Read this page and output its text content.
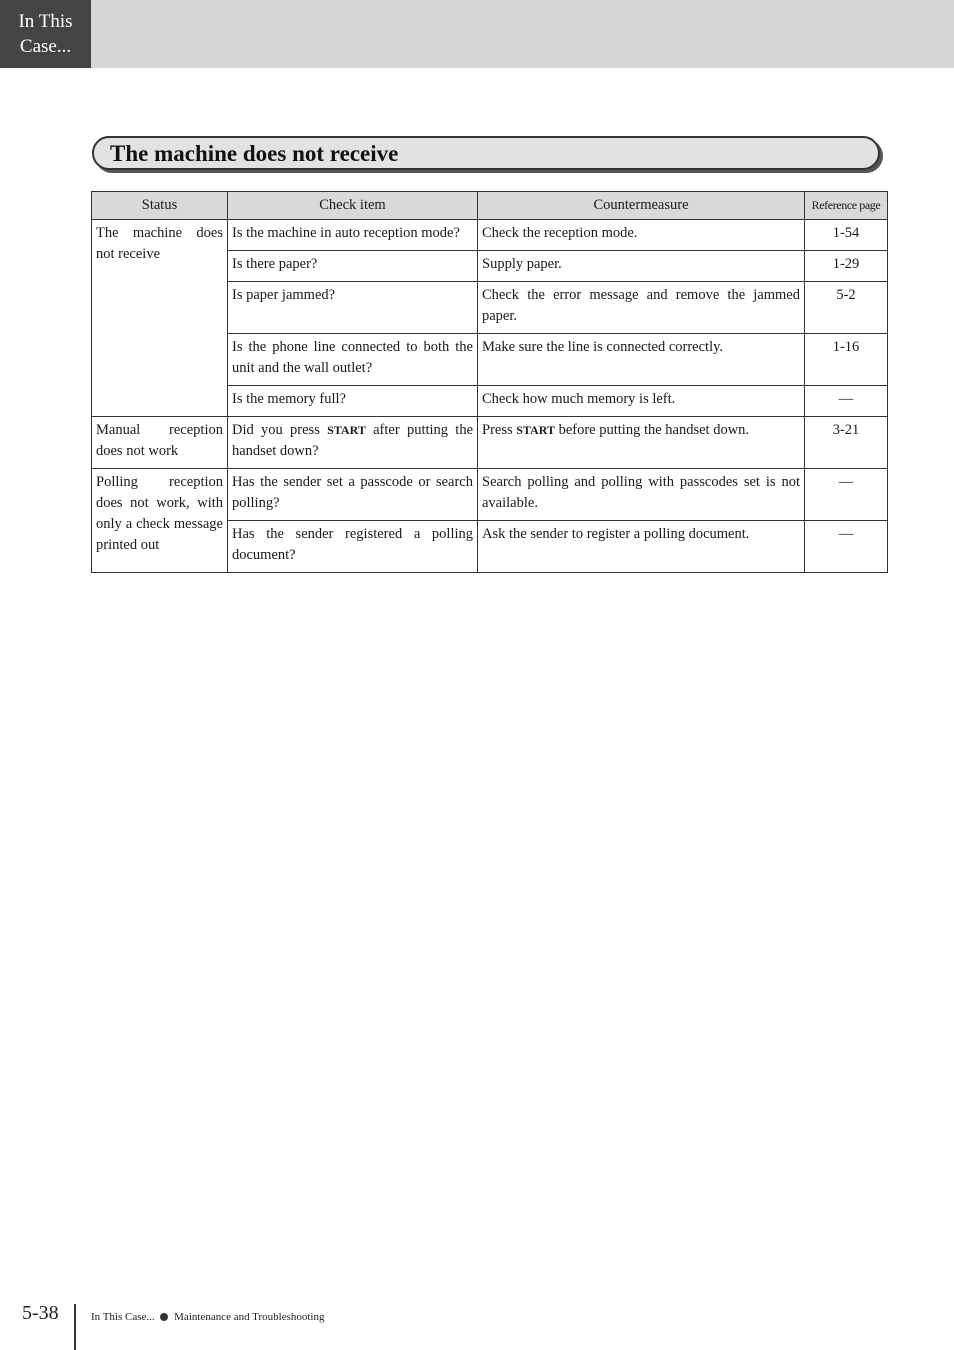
In This
Case...
The machine does not receive
Status	Check item	Countermeasure	Reference page
The machine does not receive	Is the machine in auto reception mode?	Check the reception mode.	1-54
	Is there paper?	Supply paper.	1-29
	Is paper jammed?	Check the error message and remove the jammed paper.	5-2
	Is the phone line connected to both the unit and the wall outlet?	Make sure the line is connected correctly.	1-16
	Is the memory full?	Check how much memory is left.	—
Manual reception does not work	Did you press START after putting the handset down?	Press START before putting the handset down.	3-21
Polling reception does not work, with only a check message printed out	Has the sender set a passcode or search polling?	Search polling and polling with passcodes set is not available.	—
	Has the sender registered a polling document?	Ask the sender to register a polling document.	—
5-38	In This Case... Maintenance and Troubleshooting
